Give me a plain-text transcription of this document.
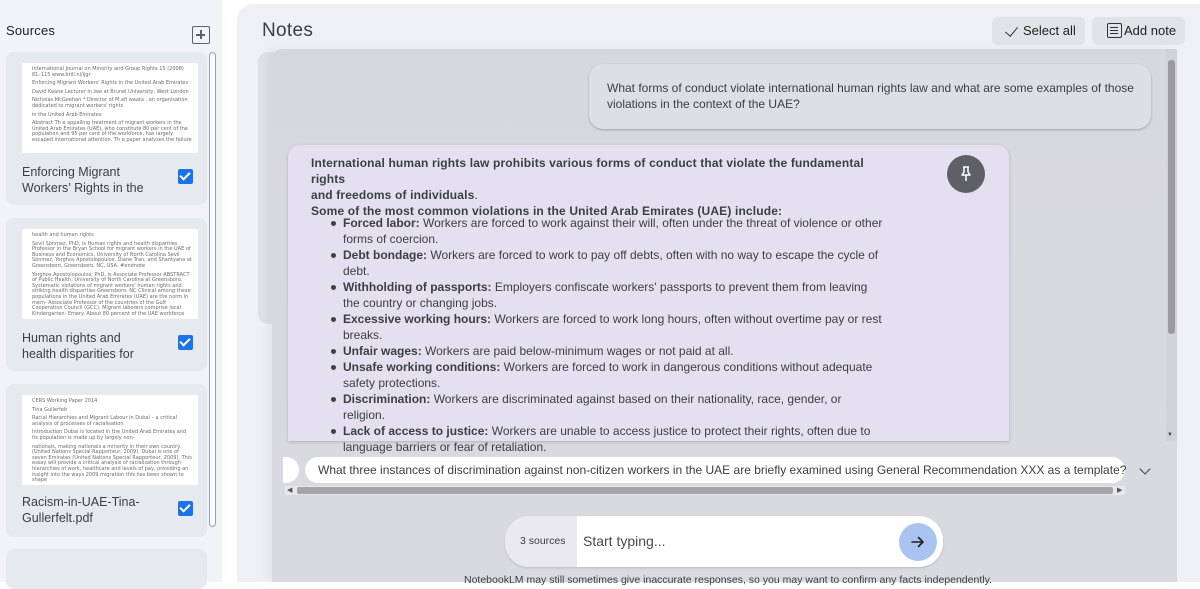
Sources
International Journal on Minority and Group Rights 15 (2008) 81–115 www.brill.nl/ijgr
Enforcing Migrant Workers’ Rights in the United Arab Emirates
David Keane Lecturer in law at Brunel University, West London
Nicholas McGeehan * Director of M.afi waata , an organisation dedicated to migrant workers' rights
in the United Arab Emirates
Abstract Th e appalling treatment of migrant workers in the United Arab Emirates (UAE), who constitute 80 per cent of the population and 95 per cent of the workforce, has largely escaped international attention. Th e paper analyses the failure
Enforcing Migrant
Workers’ Rights in the
health and human rights
Sevil Sönmez, PhD, is Human rights and health disparities Professor in the Bryan School for migrant workers in the UAE of Business and Economics, University of North Carolina Sevil Sönmez, Yorghos Apostolopoulos, Diane Tran, and Shantyana at Greensboro, Greensboro, NC, USA. #endnote
Yorghos Apostolopoulos, PhD, is Associate Professor ABSTRACT of Public Health, University of North Carolina at Greensboro. Systematic violations of migrant workers' human rights and striking health disparities Greensboro, NC Clinical among these populations in the United Arab Emirates (UAE) are the norm in mem- Associate Professor of the countries of the Gulf Cooperation Council (GCC). Migrant laborers comprise local Kindergarten: Emery. About 80 percent of the UAE workforce
Human rights and
health disparities for
CERS Working Paper 2014
Tina Gullerfelt
Racial Hierarchies and Migrant Labour in Dubai – a critical analysis of processes of racialisation
Introduction Dubai is located in the United Arab Emirates and its population is made up by largely non-
nationals, making nationals a minority in their own country (United Nations Special Rapporteur, 2009). Dubai is one of seven Emirates (United Nations Special Rapporteur, 2009). This essay will provide a critical analysis of racialisation through hierarchies of work, healthcare and levels of pay, providing an insight into the ways 2009 migration this has been shown to shape
Racism-in-UAE-Tina-
Gullerfelt.pdf
Notes	Select all	Add note
▼
What forms of conduct violate international human rights law and what are some examples of those violations in the context of the UAE?
International human rights law prohibits various forms of conduct that violate the fundamental rights
and freedoms of individuals.
Some of the most common violations in the United Arab Emirates (UAE) include:
Forced labor: Workers are forced to work against their will, often under the threat of violence or other forms of coercion.
Debt bondage: Workers are forced to work to pay off debts, often with no way to escape the cycle of debt.
Withholding of passports: Employers confiscate workers' passports to prevent them from leaving the country or changing jobs.
Excessive working hours: Workers are forced to work long hours, often without overtime pay or rest breaks.
Unfair wages: Workers are paid below-minimum wages or not paid at all.
Unsafe working conditions: Workers are forced to work in dangerous conditions without adequate safety protections.
Discrimination: Workers are discriminated against based on their nationality, race, gender, or religion.
Lack of access to justice: Workers are unable to access justice to protect their rights, often due to language barriers or fear of retaliation.
What three instances of discrimination against non-citizen workers in the UAE are briefly examined using General Recommendation XXX as a template?
◀	▶
3 sources
Start typing...
NotebookLM may still sometimes give inaccurate responses, so you may want to confirm any facts independently.
